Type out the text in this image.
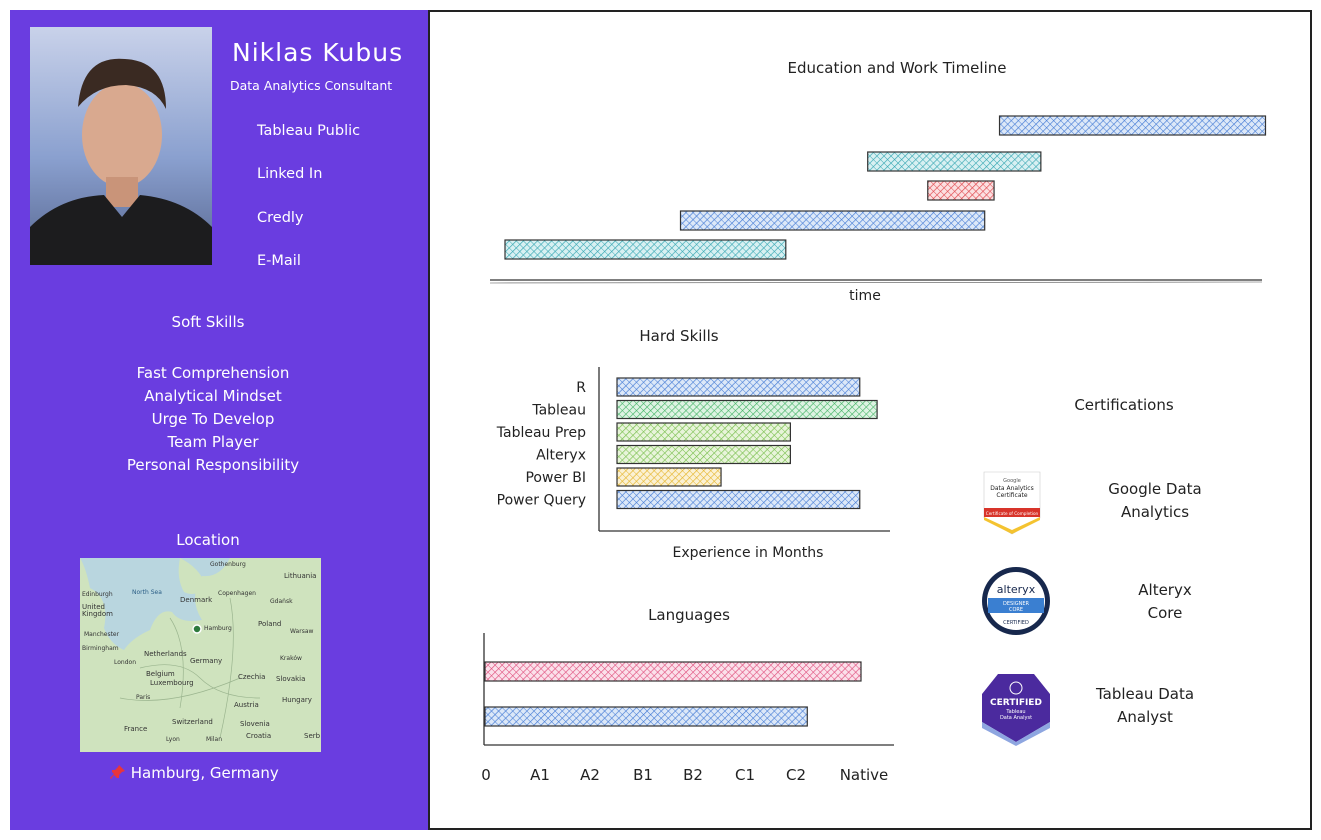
Niklas Kubus
Data Analytics Consultant
Tableau Public
Linked In
Credly
E-Mail
Soft Skills
Fast Comprehension
Analytical Mindset
Urge To Develop
Team Player
Personal Responsibility
Location
Gothenburg
Lithuania
North Sea
Denmark
Copenhagen
Gdańsk
Edinburgh
United Kingdom
Hamburg
Poland
Warsaw
Manchester
Birmingham
Netherlands
London	Germany	Kraków
Belgium
Luxembourg
Czechia Slovakia
Paris
Austria
Hungary
France
Switzerland	Slovenia
Croatia
Lyon	Milan	Serb
Hamburg, Germany
Education and Work Timeline
time
Hard Skills
Experience in Months
R
Tableau
Tableau Prep
Alteryx
Power BI
Power Query
Languages
0	A1 A2 B1 B2 C1 C2 Native
Certifications
Google
Data Analytics
Certificate
Certificate of Completion
alteryx
DESIGNER
CORE
CERTIFIED
CERTIFIED
Tableau
Data Analyst
Google Data
Analytics
Alteryx
Core
Tableau Data
Analyst
